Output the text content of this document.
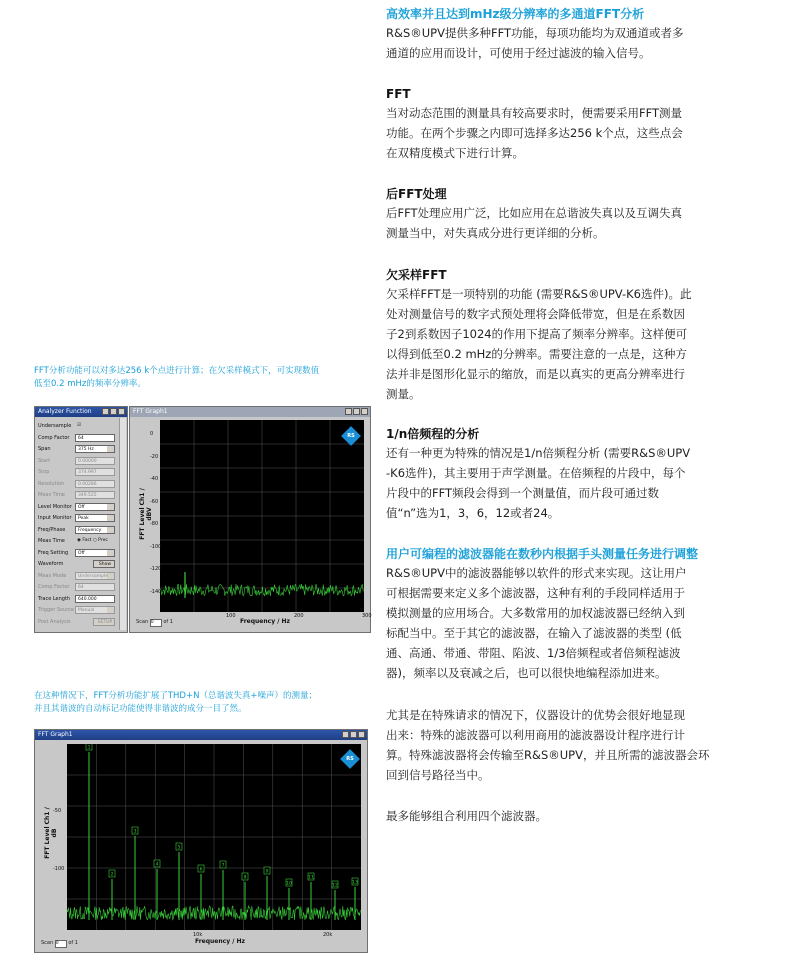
高效率并且达到mHz级分辨率的多通道FFT分析
R&S®UPV提供多种FFT功能，每项功能均为双通道或者多
通道的应用而设计，可使用于经过滤波的输入信号。
FFT
当对动态范围的测量具有较高要求时，便需要采用FFT测量
功能。在两个步骤之内即可选择多达256 k个点，这些点会
在双精度模式下进行计算。
后FFT处理
后FFT处理应用广泛，比如应用在总谐波失真以及互调失真
测量当中，对失真成分进行更详细的分析。
欠采样FFT
欠采样FFT是一项特别的功能 (需要R&S®UPV-K6选件)。此
处对测量信号的数字式预处理将会降低带宽，但是在系数因
子2到系数因子1024的作用下提高了频率分辨率。这样便可
以得到低至0.2 mHz的分辨率。需要注意的一点是，这种方
法并非是图形化显示的缩放，而是以真实的更高分辨率进行
测量。
1/n倍频程的分析
还有一种更为特殊的情况是1/n倍频程分析 (需要R&S®UPV
-K6选件)，其主要用于声学测量。在倍频程的片段中，每个
片段中的FFT频段会得到一个测量值，而片段可通过数
值“n”选为1，3，6，12或者24。
用户可编程的滤波器能在数秒内根据手头测量任务进行调整
R&S®UPV中的滤波器能够以软件的形式来实现。这让用户
可根据需要来定义多个滤波器，这种有利的手段同样适用于
模拟测量的应用场合。大多数常用的加权滤波器已经纳入到
标配当中。至于其它的滤波器，在输入了滤波器的类型 (低
通、高通、带通、带阻、陷波、1/3倍频程或者倍频程滤波
器)，频率以及衰减之后，也可以很快地编程添加进来。
尤其是在特殊请求的情况下，仪器设计的优势会很好地显现
出来：特殊的滤波器可以利用商用的滤波器设计程序进行计
算。特殊滤波器将会传输至R&S®UPV，并且所需的滤波器会环
回到信号路径当中。
最多能够组合利用四个滤波器。
FFT分析功能可以对多达256 k个点进行计算；在欠采样模式下，可实现数值
低至0.2 mHz的频率分辨率。
在这种情况下，FFT分析功能扩展了THD+N（总谐波失真+噪声）的测量；
并且其谐波的自动标记功能使得非谐波的成分一目了然。
Analyzer Function
Undersample	☑
Comp Factor	64
Span	375 Hz
Start	0.00000
Stop	374.997
Resolution	0.00286
Meas Time	349.525
Level Monitor	Off
Input Monitor	Peak
Freq/Phase	Frequency
Meas Time	◉ Fast ○ Prec
Freq Setting	Off
Waveform	Show
Meas Mode	Undersample
Comp Factor	64
Trace Length	640.000
Trigger Source Manual
Post Analysis	SETUP
FFT Graph1
FFT Level Ch1 / dBV
0
-20
-40
-60
-80
-100
-120
-140
100	200	300
Frequency / Hz
Scan 0 of 1
RS
FFT Graph1
1
2
3
4
5
6
7
8
9
10
11
12
13
FFT Level Ch1 / dB
-50
-100
10k	20k
Frequency / Hz
Scan 0 of 1
RS
